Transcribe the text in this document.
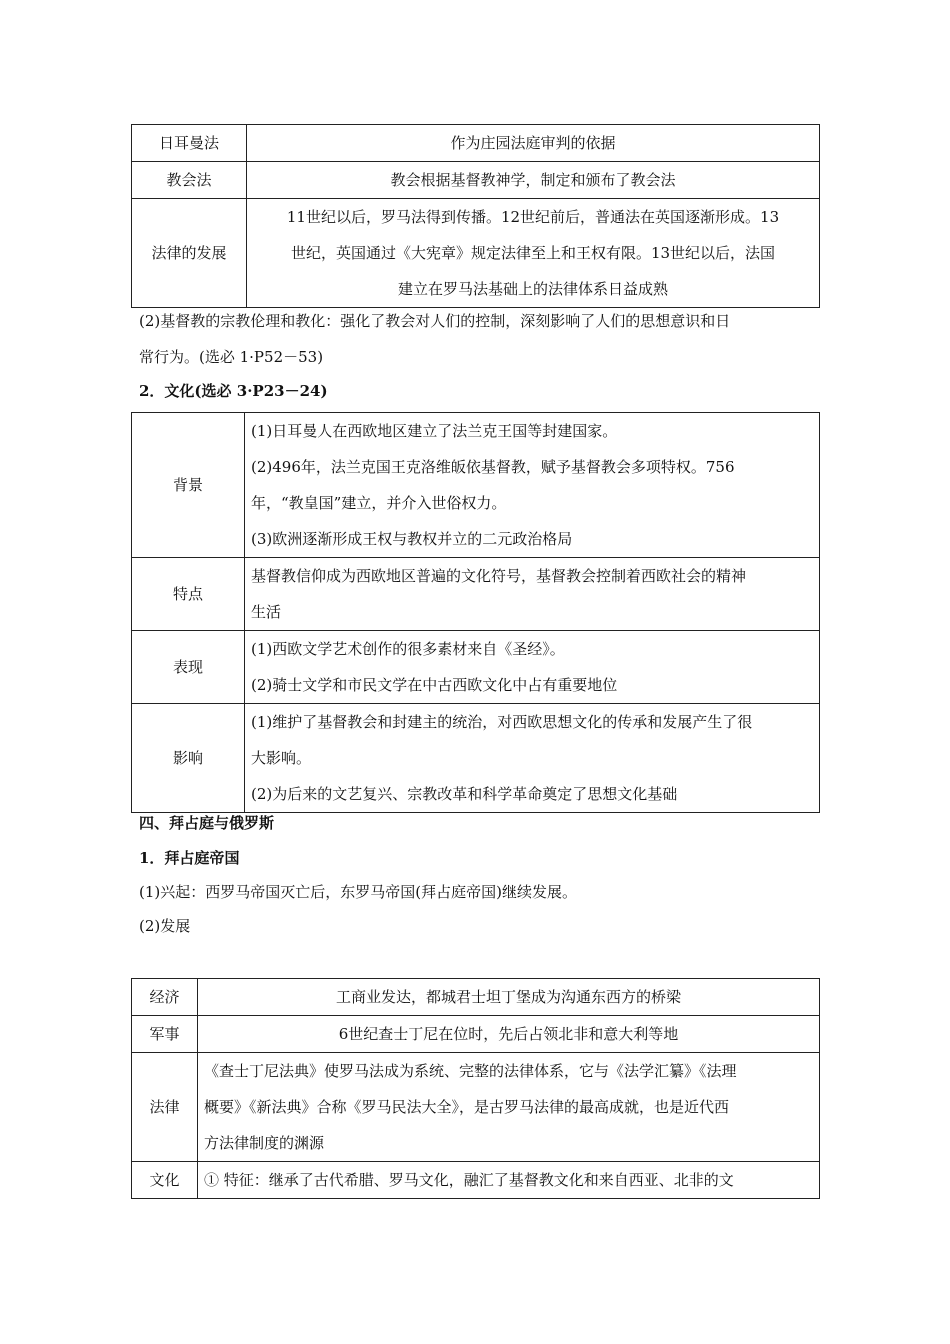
日耳曼法	作为庄园法庭审判的依据

教会法	教会根据基督教神学，制定和颁布了教会法

法律的发展	11世纪以后，罗马法得到传播。12世纪前后，普通法在英国逐渐形成。13
世纪，英国通过《大宪章》规定法律至上和王权有限。13世纪以后，法国
建立在罗马法基础上的法律体系日益成熟
(2)基督教的宗教伦理和教化：强化了教会对人们的控制，深刻影响了人们的思想意识和日
常行为。(选必 1·P52－53)
2．文化(选必 3·P23－24)
背景	(1)日耳曼人在西欧地区建立了法兰克王国等封建国家。
(2)496年，法兰克国王克洛维皈依基督教，赋予基督教会多项特权。756
年，“教皇国”建立，并介入世俗权力。
(3)欧洲逐渐形成王权与教权并立的二元政治格局

特点	基督教信仰成为西欧地区普遍的文化符号，基督教会控制着西欧社会的精神
生活

表现	(1)西欧文学艺术创作的很多素材来自《圣经》。
(2)骑士文学和市民文学在中古西欧文化中占有重要地位

影响	(1)维护了基督教会和封建主的统治，对西欧思想文化的传承和发展产生了很
大影响。
(2)为后来的文艺复兴、宗教改革和科学革命奠定了思想文化基础
四、拜占庭与俄罗斯
1．拜占庭帝国
(1)兴起：西罗马帝国灭亡后，东罗马帝国(拜占庭帝国)继续发展。
(2)发展
经济	工商业发达，都城君士坦丁堡成为沟通东西方的桥梁

军事	6世纪查士丁尼在位时，先后占领北非和意大利等地

法律	《查士丁尼法典》使罗马法成为系统、完整的法律体系，它与《法学汇纂》《法理
概要》《新法典》合称《罗马民法大全》，是古罗马法律的最高成就，也是近代西
方法律制度的渊源

文化	① 特征：继承了古代希腊、罗马文化，融汇了基督教文化和来自西亚、北非的文
